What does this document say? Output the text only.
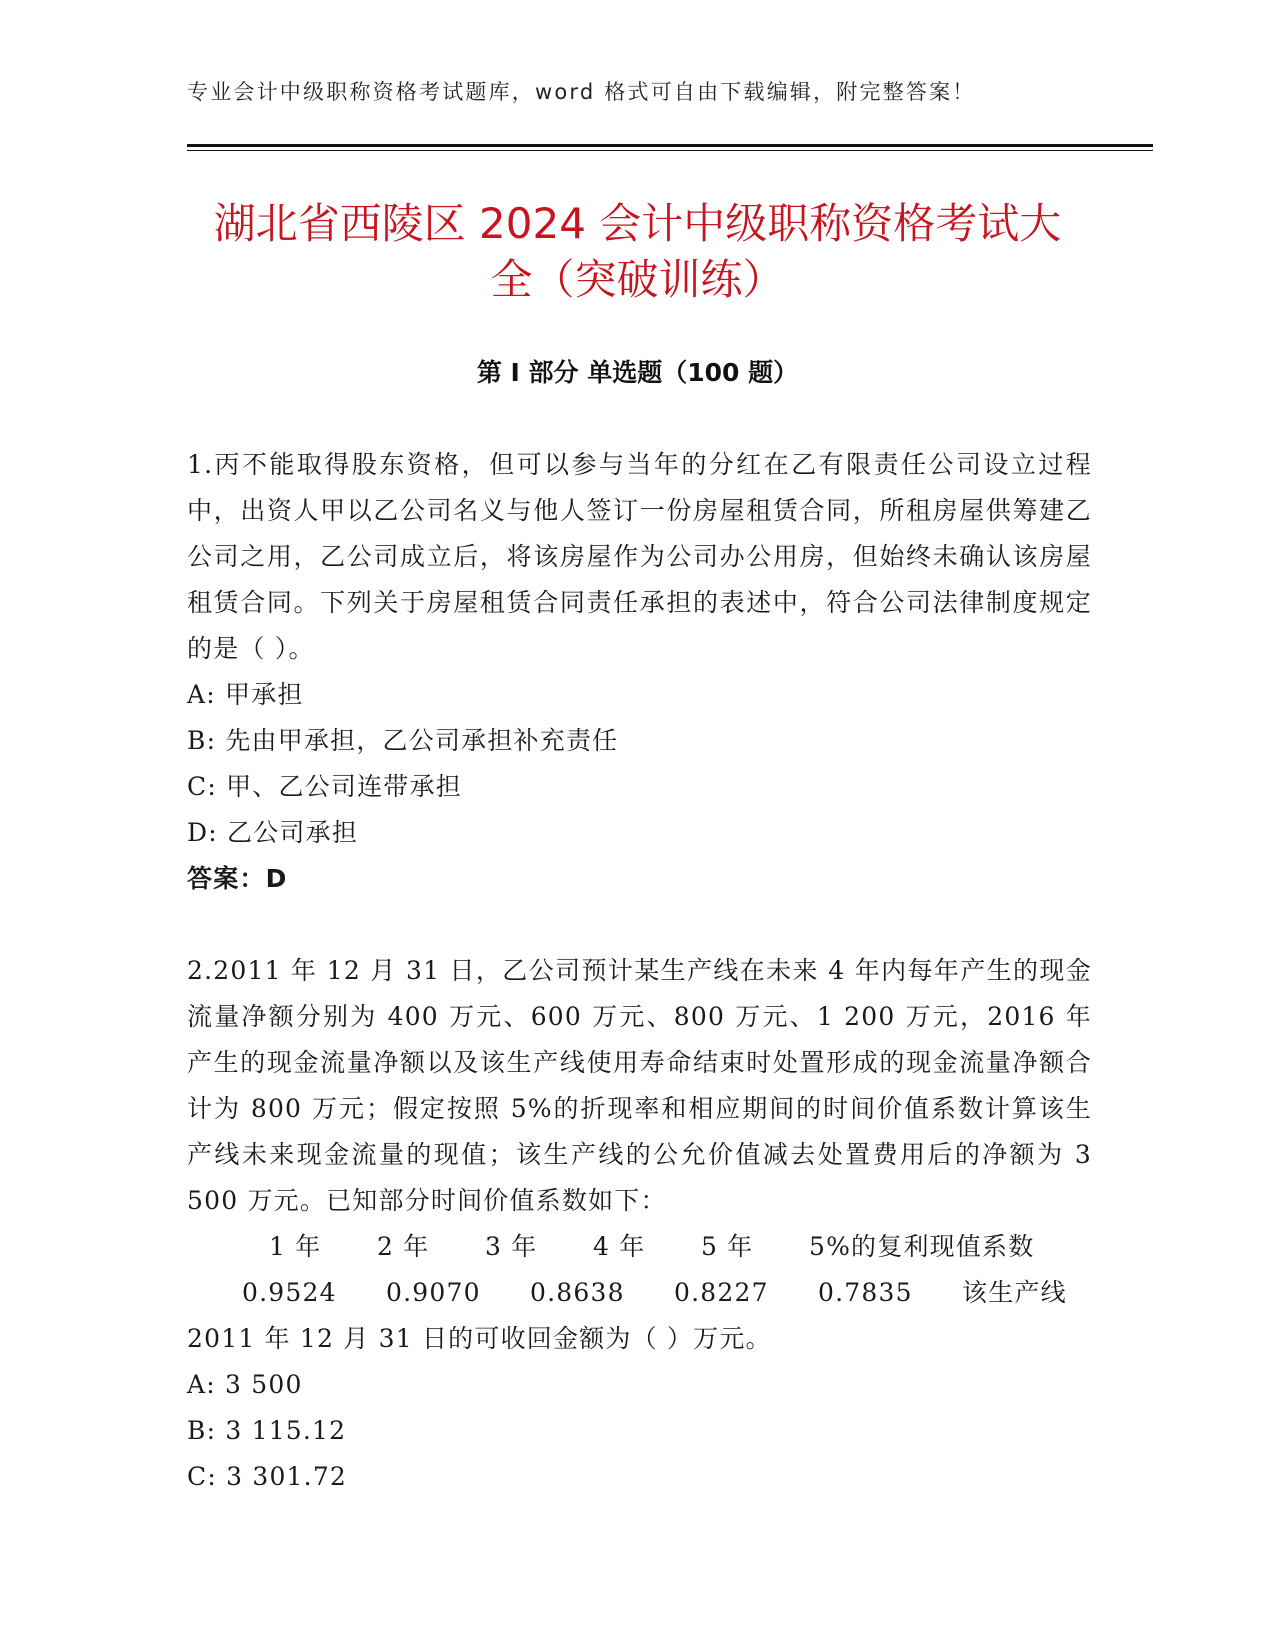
专业会计中级职称资格考试题库，word 格式可自由下载编辑，附完整答案！
湖北省西陵区 2024 会计中级职称资格考试大
全（突破训练）
第 I 部分 单选题（100 题）

1.丙不能取得股东资格，但可以参与当年的分红在乙有限责任公司设立过程中，出资人甲以乙公司名义与他人签订一份房屋租赁合同，所租房屋供筹建乙公司之用，乙公司成立后，将该房屋作为公司办公用房，但始终未确认该房屋租赁合同。下列关于房屋租赁合同责任承担的表述中，符合公司法律制度规定的是（ ）。

A: 甲承担

B: 先由甲承担，乙公司承担补充责任

C: 甲、乙公司连带承担

D: 乙公司承担

答案：D

2.2011 年 12 月 31 日，乙公司预计某生产线在未来 4 年内每年产生的现金流量净额分别为 400 万元、600 万元、800 万元、1 200 万元，2016 年产生的现金流量净额以及该生产线使用寿命结束时处置形成的现金流量净额合计为 800 万元；假定按照 5%的折现率和相应期间的时间价值系数计算该生产线未来现金流量的现值；该生产线的公允价值减去处置费用后的净额为 3 500 万元。已知部分时间价值系数如下：

1 年 2 年 3 年 4 年 5 年 5%的复利现值系数

0.9524 0.9070 0.8638 0.8227 0.7835 该生产线

2011 年 12 月 31 日的可收回金额为（ ）万元。

A: 3 500

B: 3 115.12

C: 3 301.72
